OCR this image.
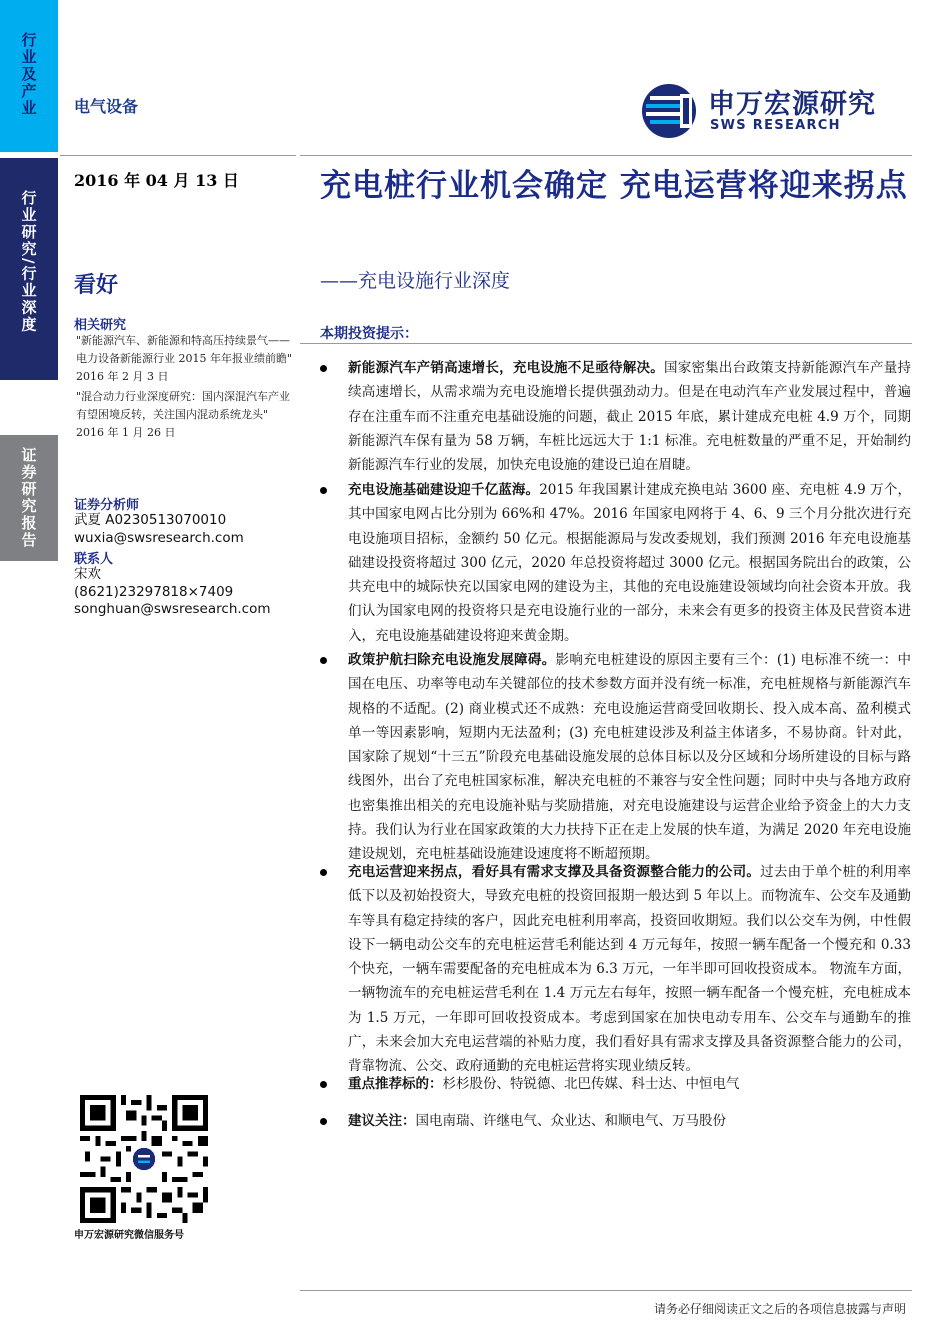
行业及产业
行业研究/行业深度
证券研究报告
电气设备	申万宏源研究
SWS RESEARCH
2016 年 04 月 13 日	充电桩行业机会确定 充电运营将迎来拐点
——充电设施行业深度
看好
相关研究
"新能源汽车、新能源和特高压持续景气——电力设备新能源行业 2015 年年报业绩前瞻" 2016 年 2 月 3 日
"混合动力行业深度研究：国内深混汽车产业有望困境反转，关注国内混动系统龙头" 2016 年 1 月 26 日
证券分析师
武夏 A0230513070010
wuxia@swsresearch.com
联系人
宋欢
(8621)23297818×7409
songhuan@swsresearch.com
本期投资提示：
新能源汽车产销高速增长，充电设施不足亟待解决。国家密集出台政策支持新能源汽车产量持续高速增长，从需求端为充电设施增长提供强劲动力。但是在电动汽车产业发展过程中，普遍存在注重车而不注重充电基础设施的问题，截止 2015 年底，累计建成充电桩 4.9 万个，同期新能源汽车保有量为 58 万辆，车桩比远远大于 1:1 标准。充电桩数量的严重不足，开始制约新能源汽车行业的发展，加快充电设施的建设已迫在眉睫。
充电设施基础建设迎千亿蓝海。2015 年我国累计建成充换电站 3600 座、充电桩 4.9 万个，其中国家电网占比分别为 66%和 47%。2016 年国家电网将于 4、6、9 三个月分批次进行充电设施项目招标，金额约 50 亿元。根据能源局与发改委规划，我们预测 2016 年充电设施基础建设投资将超过 300 亿元，2020 年总投资将超过 3000 亿元。根据国务院出台的政策，公共充电中的城际快充以国家电网的建设为主，其他的充电设施建设领域均向社会资本开放。我们认为国家电网的投资将只是充电设施行业的一部分，未来会有更多的投资主体及民营资本进入，充电设施基础建设将迎来黄金期。
政策护航扫除充电设施发展障碍。影响充电桩建设的原因主要有三个：(1) 电标准不统一：中国在电压、功率等电动车关键部位的技术参数方面并没有统一标准，充电桩规格与新能源汽车规格的不适配。(2) 商业模式还不成熟：充电设施运营商受回收期长、投入成本高、盈利模式单一等因素影响，短期内无法盈利；(3) 充电桩建设涉及利益主体诸多，不易协商。针对此，国家除了规划“十三五”阶段充电基础设施发展的总体目标以及分区域和分场所建设的目标与路线图外，出台了充电桩国家标准，解决充电桩的不兼容与安全性问题；同时中央与各地方政府也密集推出相关的充电设施补贴与奖励措施，对充电设施建设与运营企业给予资金上的大力支持。我们认为行业在国家政策的大力扶持下正在走上发展的快车道，为满足 2020 年充电设施建设规划，充电桩基础设施建设速度将不断超预期。
充电运营迎来拐点，看好具有需求支撑及具备资源整合能力的公司。过去由于单个桩的利用率低下以及初始投资大，导致充电桩的投资回报期一般达到 5 年以上。而物流车、公交车及通勤车等具有稳定持续的客户，因此充电桩利用率高，投资回收期短。我们以公交车为例，中性假设下一辆电动公交车的充电桩运营毛利能达到 4 万元每年，按照一辆车配备一个慢充和 0.33 个快充，一辆车需要配备的充电桩成本为 6.3 万元，一年半即可回收投资成本。 物流车方面，一辆物流车的充电桩运营毛利在 1.4 万元左右每年，按照一辆车配备一个慢充桩，充电桩成本为 1.5 万元，一年即可回收投资成本。考虑到国家在加快电动专用车、公交车与通勤车的推广，未来会加大充电运营端的补贴力度，我们看好具有需求支撑及具备资源整合能力的公司，背靠物流、公交、政府通勤的充电桩运营将实现业绩反转。
重点推荐标的：杉杉股份、特锐德、北巴传媒、科士达、中恒电气
建议关注：国电南瑞、许继电气、众业达、和顺电气、万马股份
申万宏源研究微信服务号
请务必仔细阅读正文之后的各项信息披露与声明
